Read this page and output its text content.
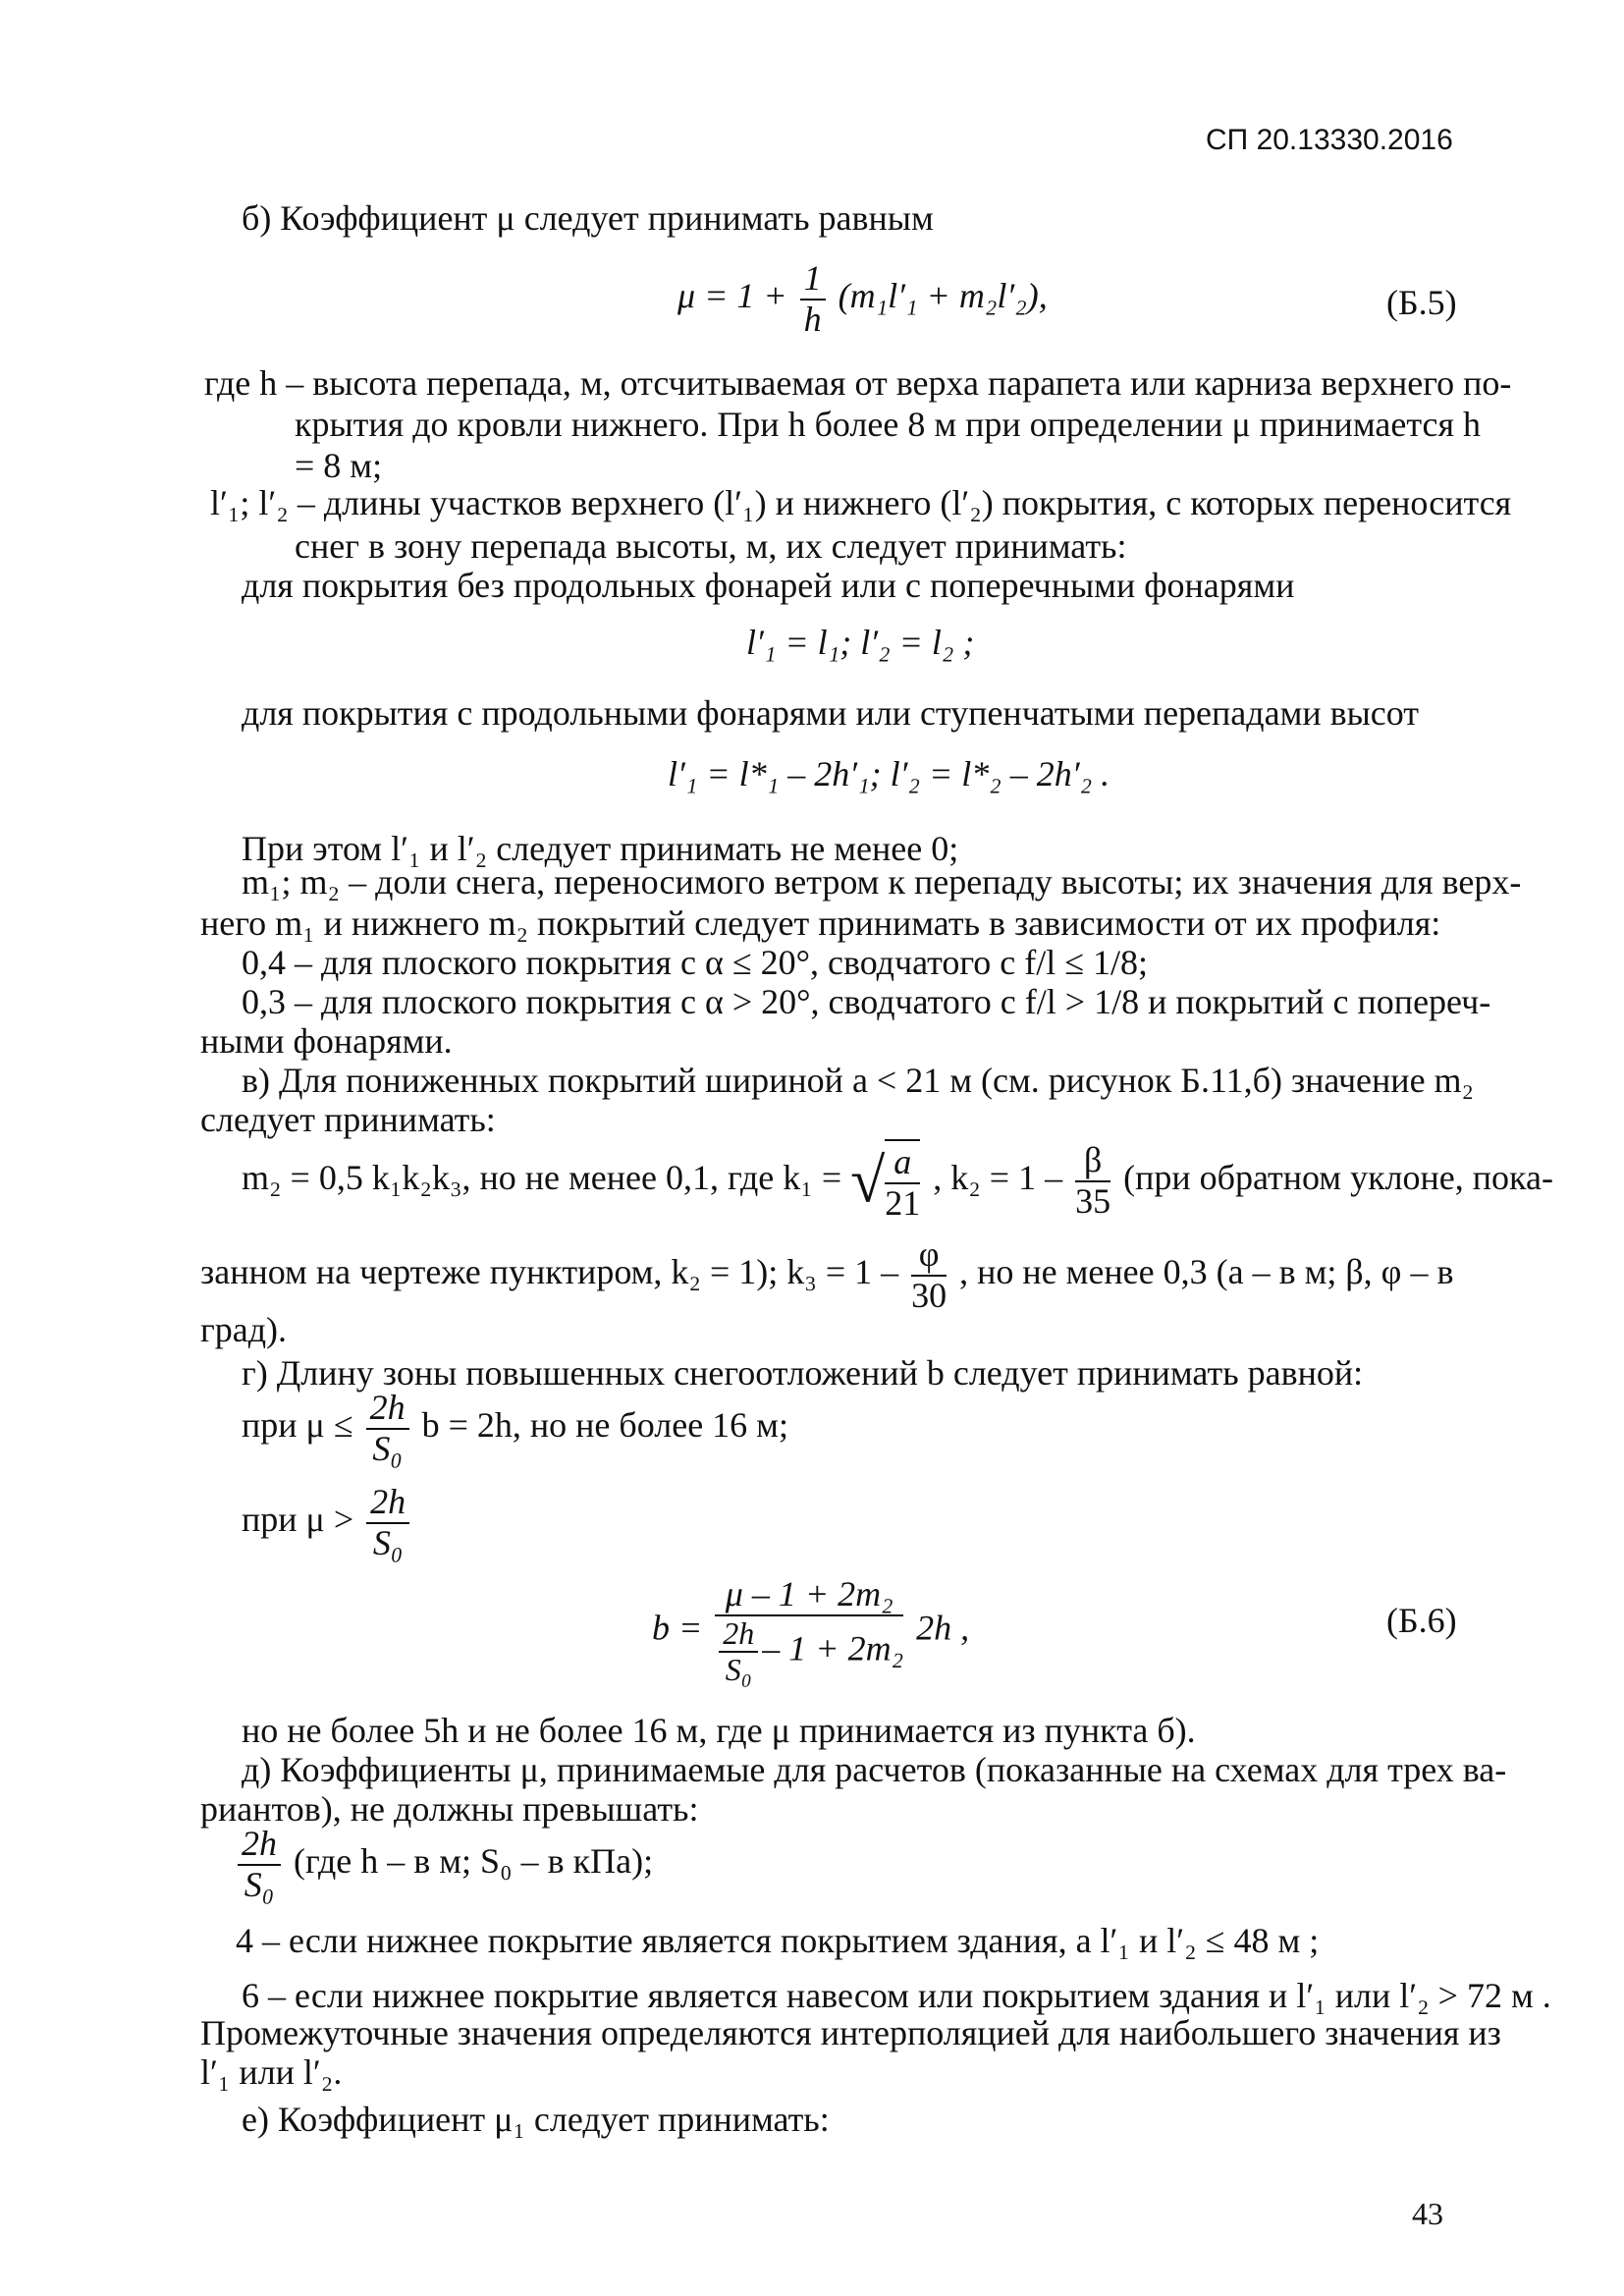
СП 20.13330.2016
б) Коэффициент μ следует принимать равным
$\mu = 1 + \frac{1}{h} (m_1l'_1 + m_2l'_2)$,	(Б.5)
где h – высота перепада, м, отсчитываемая от верха парапета или карниза верхнего по-
крытия до кровли нижнего. При h более 8 м при определении μ принимается h
= 8 м;
l′₁; l′₂ – длины участков верхнего (l′₁) и нижнего (l′₂) покрытия, с которых переносится
снег в зону перепада высоты, м, их следует принимать:
для покрытия без продольных фонарей или с поперечными фонарями
l′₁ = l₁; l′₂ = l₂ ;
для покрытия с продольными фонарями или ступенчатыми перепадами высот
l′₁ = l*₁ – 2h′₁; l′₂ = l*₂ – 2h′₂ .
При этом l′₁ и l′₂ следует принимать не менее 0;
m₁; m₂ – доли снега, переносимого ветром к перепаду высоты; их значения для верх-
него m₁ и нижнего m₂ покрытий следует принимать в зависимости от их профиля:
0,4 – для плоского покрытия с α ≤ 20°, сводчатого с f/l ≤ 1/8;
0,3 – для плоского покрытия с α > 20°, сводчатого с f/l > 1/8 и покрытий с попереч-
ными фонарями.
в) Для пониженных покрытий шириной a < 21 м (см. рисунок Б.11,б) значение m₂
следует принимать:
m₂ = 0,5 k₁k₂k₃, но не менее 0,1, где k₁ = √ $\frac{a}{21}$ , $k_2 = 1 - \frac{\beta}{35} (при$ обратном уклоне, пока-
занном на чертеже пунктиром, k₂ = 1); $k_3 = 1 - \frac{\varphi}{30}$ , но не менее 0,3 (a – в м; β, φ – в
град).
г) Длину зоны повышенных снегоотложений b следует принимать равной:
при $\mu \le \frac{2h}{\text{S₀}}$ b = 2h, но не более 16 м;
при $\mu > \frac{2h}{\text{S₀}}$
$b = \frac{\text{μ – 1 + 2m₂}}{\frac{2h}{\text{S₀}} - 1 + 2m_2} 2h$ ,	(Б.6)
но не более 5h и не более 16 м, где μ принимается из пункта б).
д) Коэффициенты μ, принимаемые для расчетов (показанные на схемах для трех ва-
риантов), не должны превышать:
$\frac{2h}{\text{S₀}} (где$ h – в м; S₀ – в кПа);
4 – если нижнее покрытие является покрытием здания, а l′₁ и l′₂ ≤ 48 м ;
6 – если нижнее покрытие является навесом или покрытием здания и l′₁ или l′₂ > 72 м .
Промежуточные значения определяются интерполяцией для наибольшего значения из
l′₁ или l′₂.
е) Коэффициент μ₁ следует принимать:
43
